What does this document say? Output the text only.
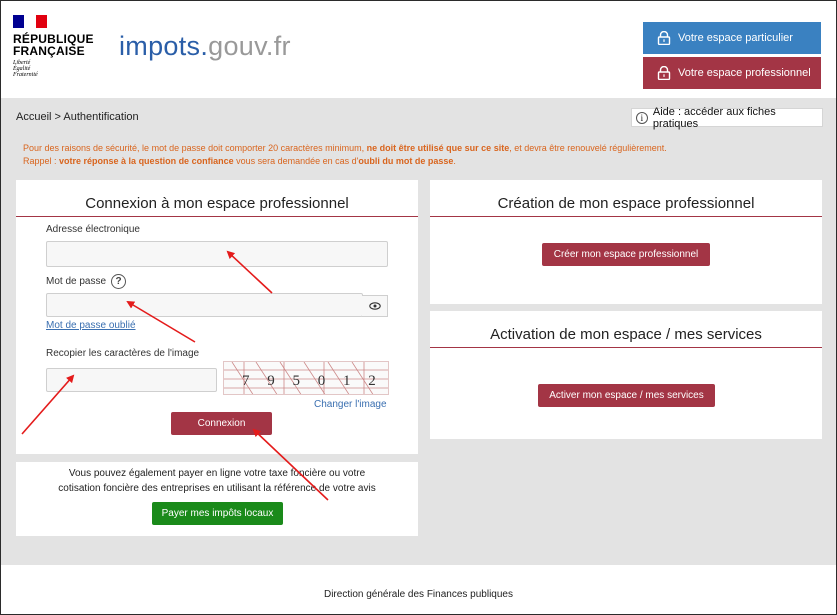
RÉPUBLIQUE
FRANÇAISE
Liberté
Égalité
Fraternité
impots.gouv.fr	Votre espace particulier
Votre espace professionnel
Accueil > Authentification	i Aide : accéder aux fiches pratiques
Pour des raisons de sécurité, le mot de passe doit comporter 20 caractères minimum, ne doit être utilisé que sur ce site, et devra être renouvelé régulièrement.
Rappel : votre réponse à la question de confiance vous sera demandée en cas d'oubli du mot de passe.
Connexion à mon espace professionnel
Adresse électronique
Mot de passe ?
Mot de passe oublié
Recopier les caractères de l'image
7 9 5 0 1 2
Changer l'image
Connexion
Création de mon espace professionnel
Créer mon espace professionnel
Activation de mon espace / mes services
Activer mon espace / mes services
Vous pouvez également payer en ligne votre taxe foncière ou votre
cotisation foncière des entreprises en utilisant la référence de votre avis
Payer mes impôts locaux
Direction générale des Finances publiques
